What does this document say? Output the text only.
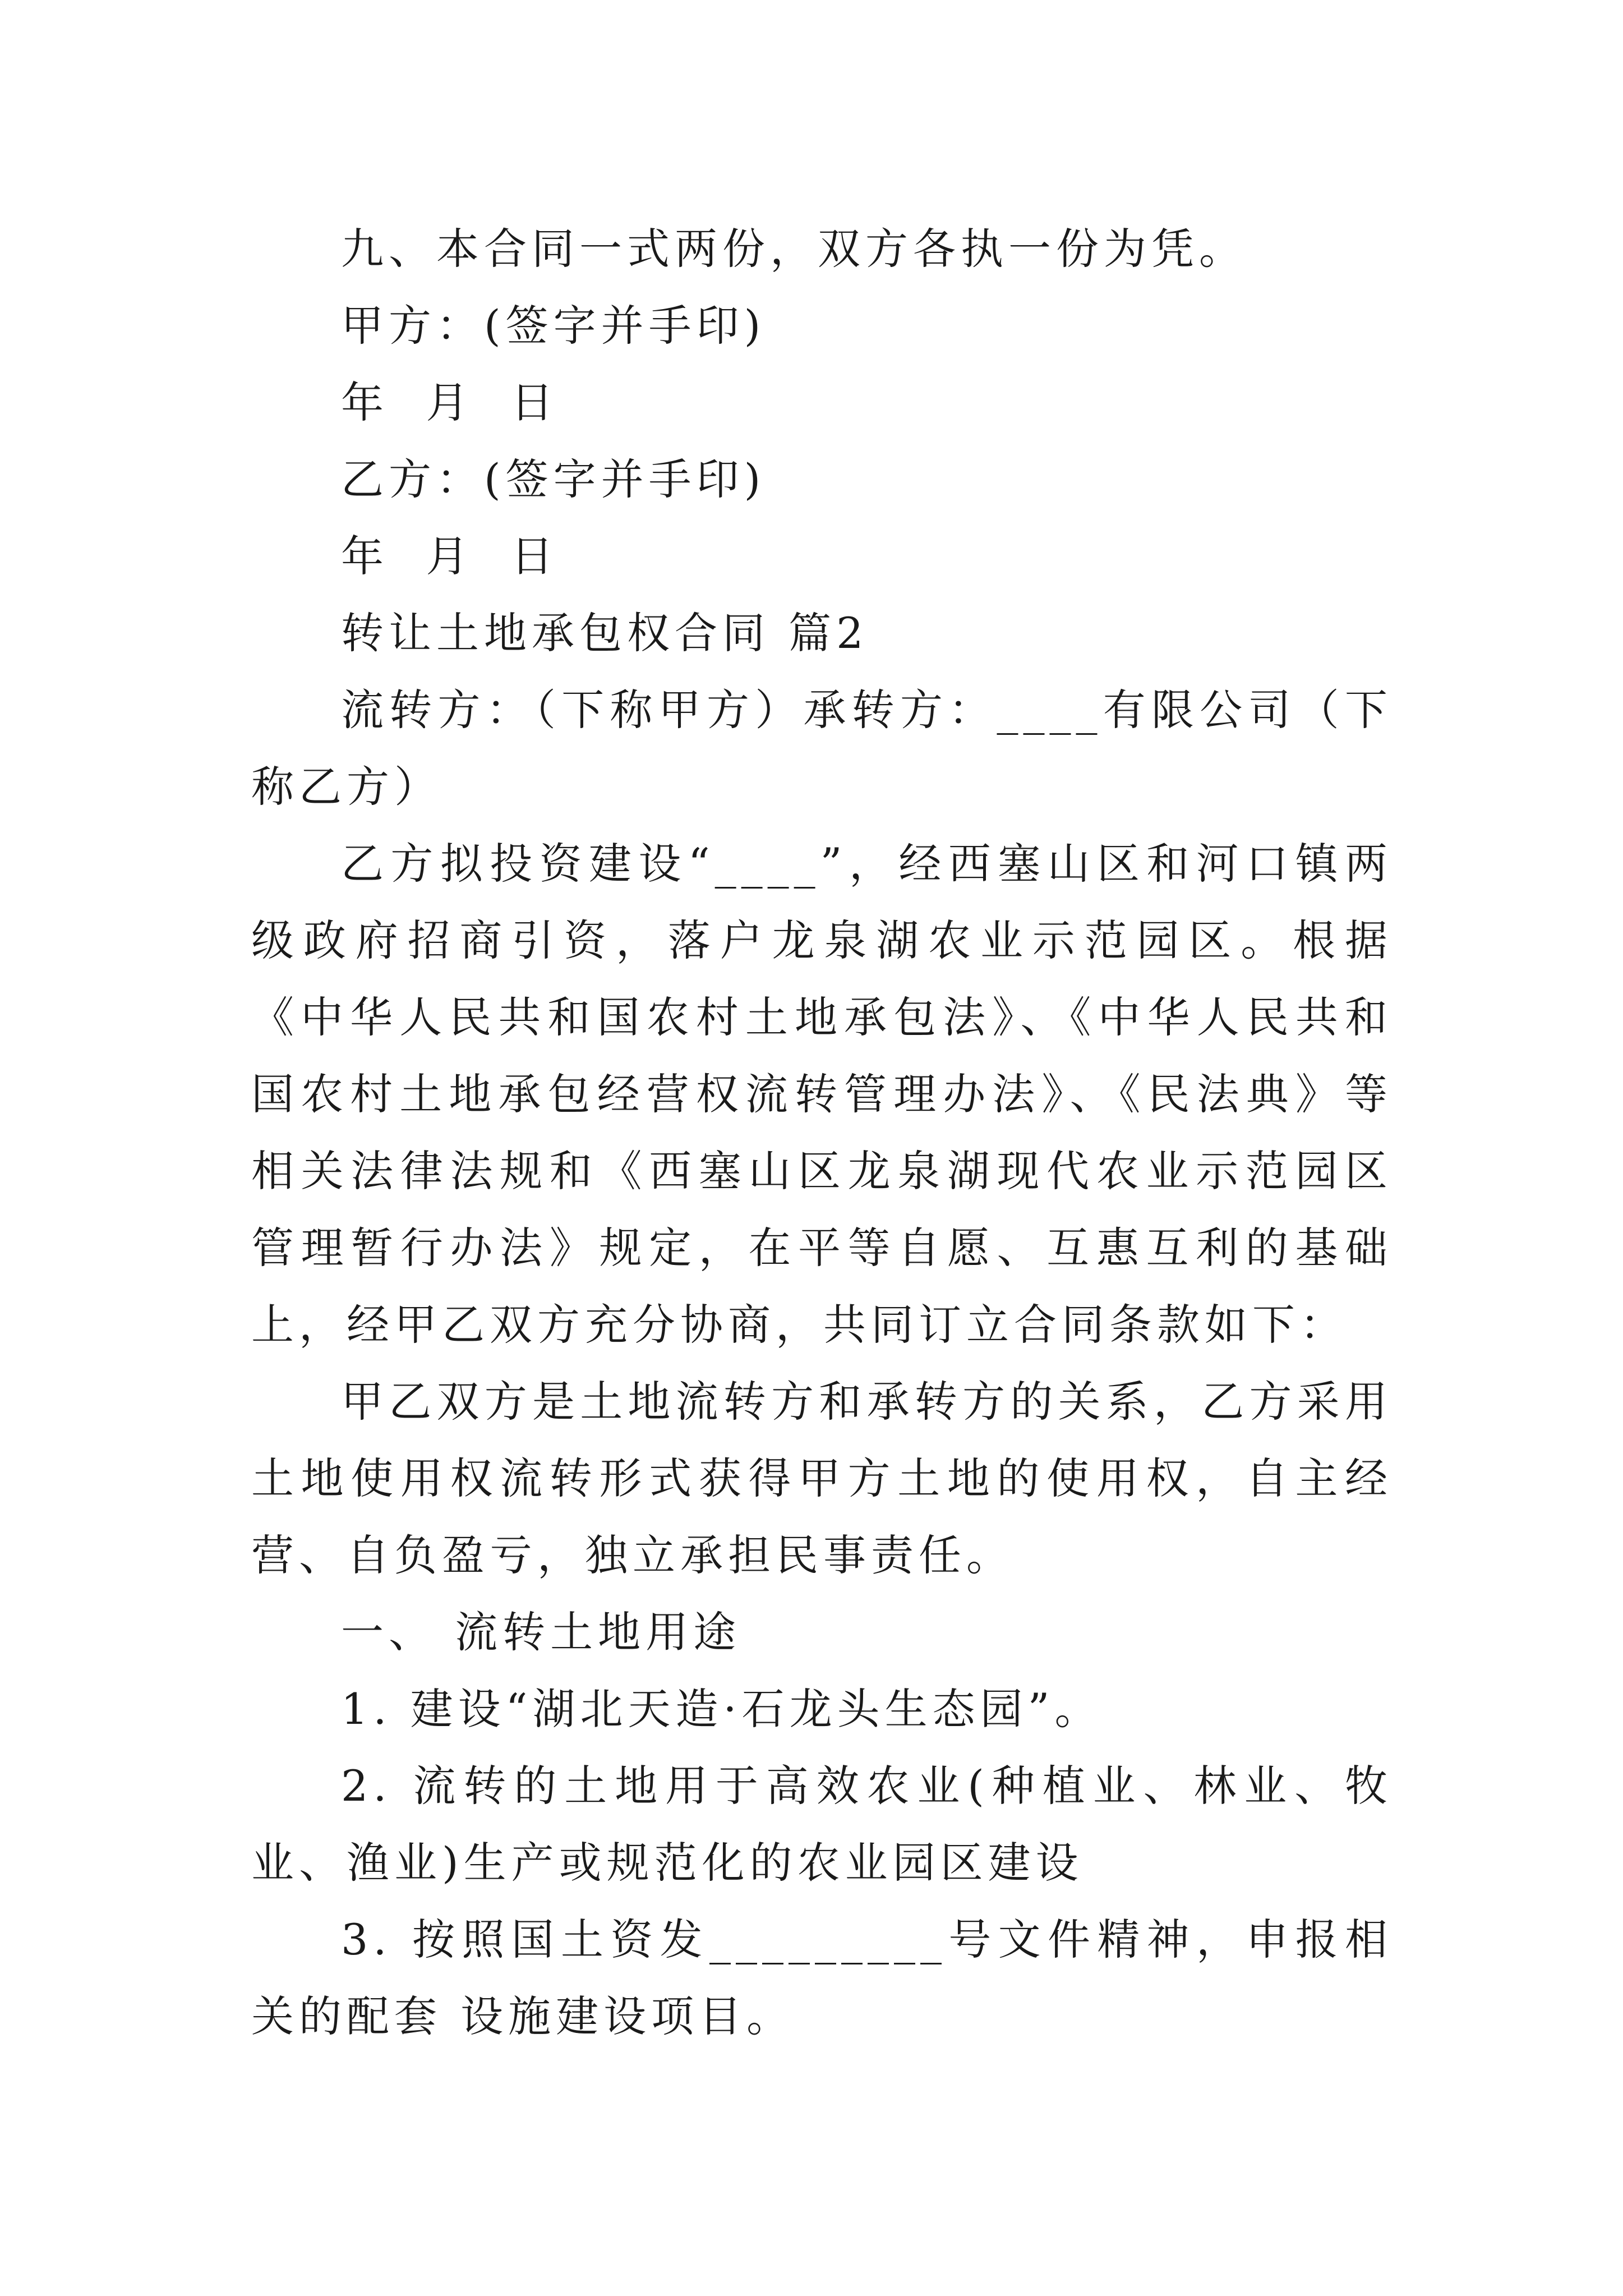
九、本合同一式两份，双方各执一份为凭。

甲方：(签字并手印)

年  月  日

乙方：(签字并手印)

年  月  日

转让土地承包权合同 篇2

流转方：（下称甲方）承转方：____有限公司（下称乙方）

乙方拟投资建设“____”，经西塞山区和河口镇两级政府招商引资，落户龙泉湖农业示范园区。根据《中华人民共和国农村土地承包法》、《中华人民共和国农村土地承包经营权流转管理办法》、《民法典》等相关法律法规和《西塞山区龙泉湖现代农业示范园区管理暂行办法》规定，在平等自愿、互惠互利的基础上，经甲乙双方充分协商，共同订立合同条款如下：

甲乙双方是土地流转方和承转方的关系，乙方采用土地使用权流转形式获得甲方土地的使用权，自主经营、自负盈亏，独立承担民事责任。

一、 流转土地用途

1. 建设“湖北天造·石龙头生态园”。

2. 流转的土地用于高效农业(种植业、林业、牧业、渔业)生产或规范化的农业园区建设

3. 按照国土资发_________号文件精神，申报相关的配套 设施建设项目。
